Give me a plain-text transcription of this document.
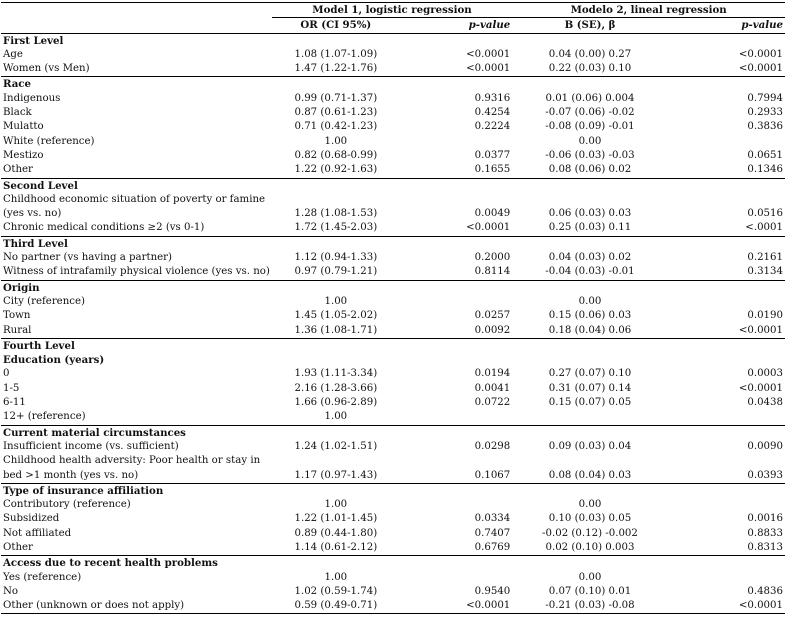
	Model 1, logistic regression		Modelo 2, lineal regression	
	OR (CI 95%)	p-value	Β (SE), β	p-value
First Level				
Age	1.08 (1.07-1.09)	<0.0001	0.04 (0.00) 0.27	<0.0001
Women (vs Men)	1.47 (1.22-1.76)	<0.0001	0.22 (0.03) 0.10	<0.0001
Race				
Indigenous	0.99 (0.71-1.37)	0.9316	0.01 (0.06) 0.004	0.7994
Black	0.87 (0.61-1.23)	0.4254	-0.07 (0.06) -0.02	0.2933
Mulatto	0.71 (0.42-1.23)	0.2224	-0.08 (0.09) -0.01	0.3836
White (reference)	1.00		0.00	
Mestizo	0.82 (0.68-0.99)	0.0377	-0.06 (0.03) -0.03	0.0651
Other	1.22 (0.92-1.63)	0.1655	0.08 (0.06) 0.02	0.1346
Second Level				
Childhood economic situation of poverty or famine (yes vs. no)	1.28 (1.08-1.53)	0.0049	0.06 (0.03) 0.03	0.0516
Chronic medical conditions ≥2 (vs 0-1)	1.72 (1.45-2.03)	<0.0001	0.25 (0.03) 0.11	<.0001
Third Level				
No partner (vs having a partner)	1.12 (0.94-1.33)	0.2000	0.04 (0.03) 0.02	0.2161
Witness of intrafamily physical violence (yes vs. no)	0.97 (0.79-1.21)	0.8114	-0.04 (0.03) -0.01	0.3134
Origin				
City (reference)	1.00		0.00	
Town	1.45 (1.05-2.02)	0.0257	0.15 (0.06) 0.03	0.0190
Rural	1.36 (1.08-1.71)	0.0092	0.18 (0.04) 0.06	<0.0001
Fourth Level				
Education (years)				
0	1.93 (1.11-3.34)	0.0194	0.27 (0.07) 0.10	0.0003
1-5	2.16 (1.28-3.66)	0.0041	0.31 (0.07) 0.14	<0.0001
6-11	1.66 (0.96-2.89)	0.0722	0.15 (0.07) 0.05	0.0438
12+ (reference)	1.00			
Current material circumstances				
Insufficient income (vs. sufficient)	1.24 (1.02-1.51)	0.0298	0.09 (0.03) 0.04	0.0090
Childhood health adversity: Poor health or stay in bed >1 month (yes vs. no)	1.17 (0.97-1.43)	0.1067	0.08 (0.04) 0.03	0.0393
Type of insurance affiliation				
Contributory (reference)	1.00		0.00	
Subsidized	1.22 (1.01-1.45)	0.0334	0.10 (0.03) 0.05	0.0016
Not affiliated	0.89 (0.44-1.80)	0.7407	-0.02 (0.12) -0.002	0.8833
Other	1.14 (0.61-2.12)	0.6769	0.02 (0.10) 0.003	0.8313
Access due to recent health problems				
Yes (reference)	1.00		0.00	
No	1.02 (0.59-1.74)	0.9540	0.07 (0.10) 0.01	0.4836
Other (unknown or does not apply)	0.59 (0.49-0.71)	<0.0001	-0.21 (0.03) -0.08	<0.0001
